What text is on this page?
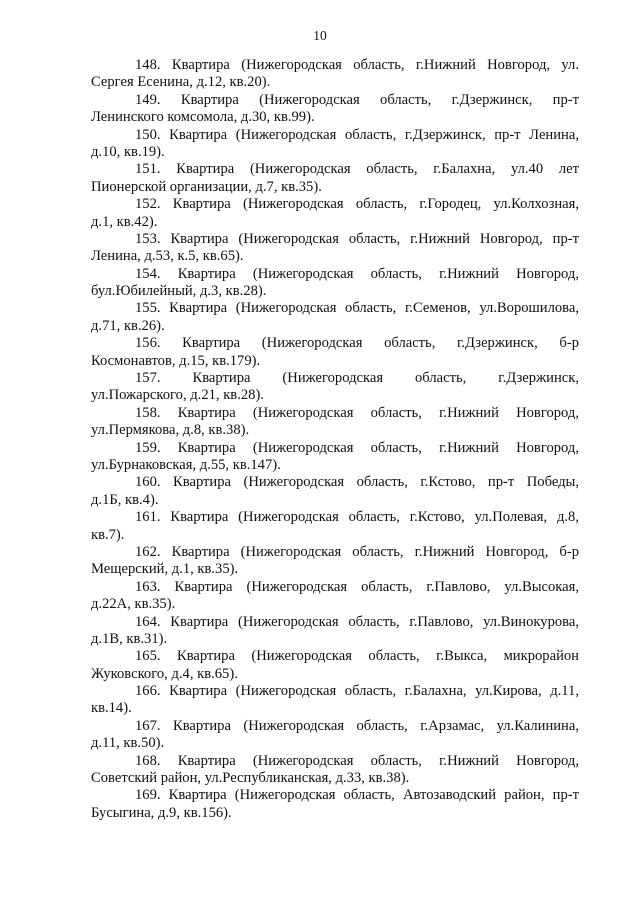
10

148. Квартира (Нижегородская область, г.Нижний Новгород, ул.
Сергея Есенина, д.12, кв.20).

149. Квартира (Нижегородская область, г.Дзержинск, пр-т
Ленинского комсомола, д.30, кв.99).

150. Квартира (Нижегородская область, г.Дзержинск, пр-т Ленина,
д.10, кв.19).

151. Квартира (Нижегородская область, г.Балахна, ул.40 лет
Пионерской организации, д.7, кв.35).

152. Квартира (Нижегородская область, г.Городец, ул.Колхозная,
д.1, кв.42).

153. Квартира (Нижегородская область, г.Нижний Новгород, пр-т
Ленина, д.53, к.5, кв.65).

154. Квартира (Нижегородская область, г.Нижний Новгород,
бул.Юбилейный, д.3, кв.28).

155. Квартира (Нижегородская область, г.Семенов, ул.Ворошилова,
д.71, кв.26).

156. Квартира (Нижегородская область, г.Дзержинск, б-р
Космонавтов, д.15, кв.179).

157. Квартира (Нижегородская область, г.Дзержинск,
ул.Пожарского, д.21, кв.28).

158. Квартира (Нижегородская область, г.Нижний Новгород,
ул.Пермякова, д.8, кв.38).

159. Квартира (Нижегородская область, г.Нижний Новгород,
ул.Бурнаковская, д.55, кв.147).

160. Квартира (Нижегородская область, г.Кстово, пр-т Победы,
д.1Б, кв.4).

161. Квартира (Нижегородская область, г.Кстово, ул.Полевая, д.8,
кв.7).

162. Квартира (Нижегородская область, г.Нижний Новгород, б-р
Мещерский, д.1, кв.35).

163. Квартира (Нижегородская область, г.Павлово, ул.Высокая,
д.22А, кв.35).

164. Квартира (Нижегородская область, г.Павлово, ул.Винокурова,
д.1В, кв.31).

165. Квартира (Нижегородская область, г.Выкса, микрорайон
Жуковского, д.4, кв.65).

166. Квартира (Нижегородская область, г.Балахна, ул.Кирова, д.11,
кв.14).

167. Квартира (Нижегородская область, г.Арзамас, ул.Калинина,
д.11, кв.50).

168. Квартира (Нижегородская область, г.Нижний Новгород,
Советский район, ул.Республиканская, д.33, кв.38).

169. Квартира (Нижегородская область, Автозаводский район, пр-т
Бусыгина, д.9, кв.156).
